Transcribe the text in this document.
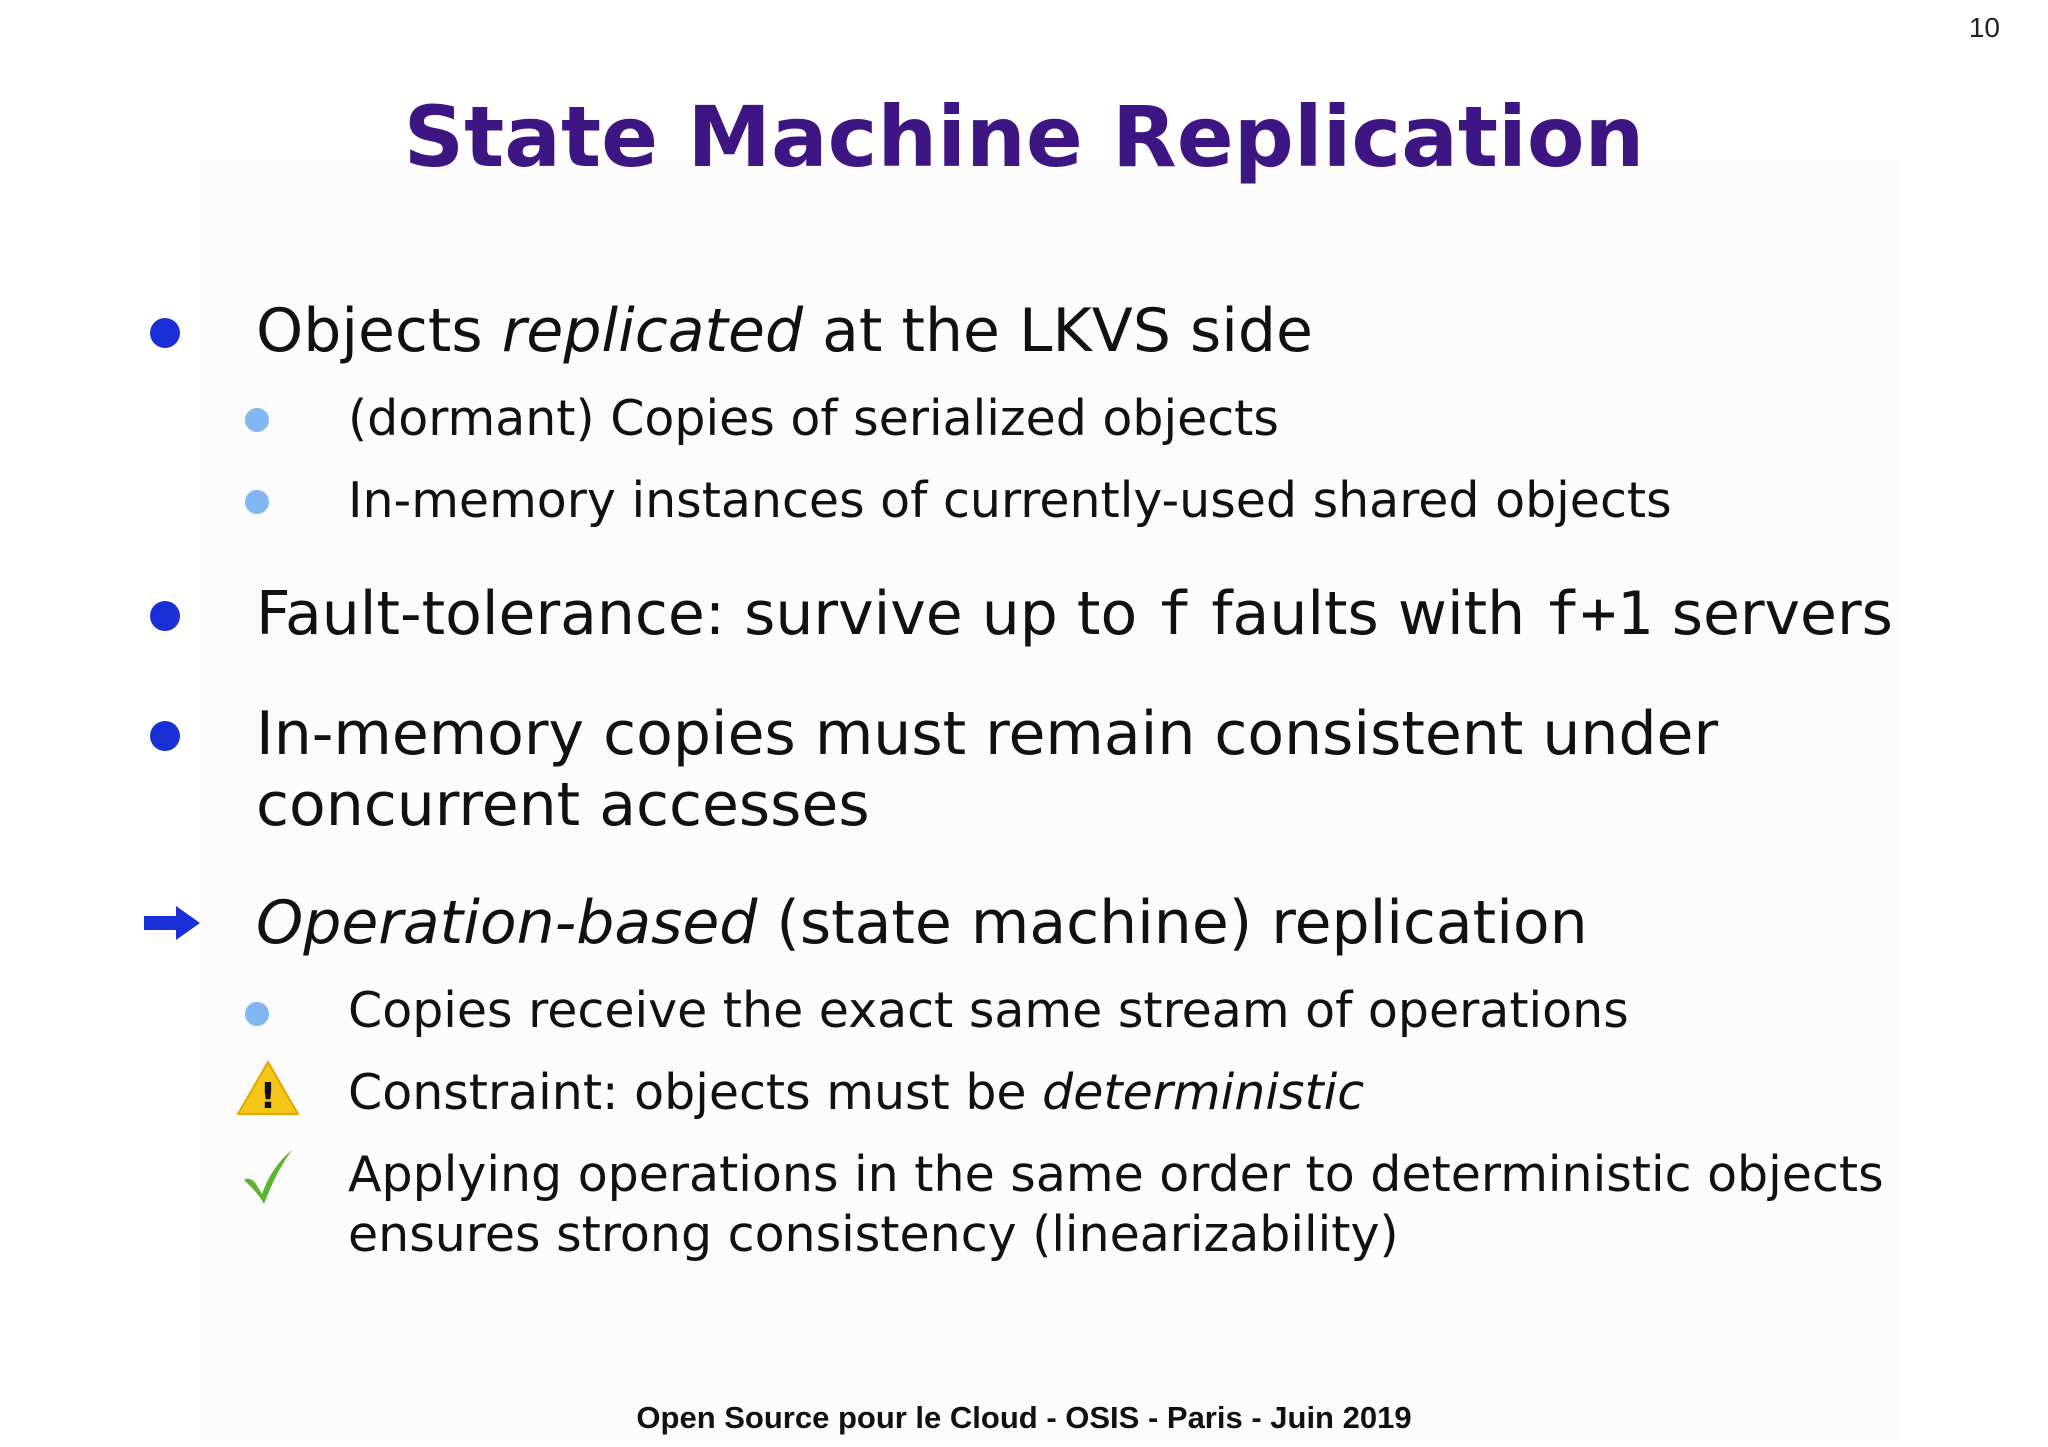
10
State Machine Replication
Objects replicated at the LKVS side
(dormant) Copies of serialized objects
In-memory instances of currently-used shared objects
Fault-tolerance: survive up to f faults with f+1 servers
In-memory copies must remain consistent under
concurrent accesses
Operation-based (state machine) replication
Copies receive the exact same stream of operations
! Constraint: objects must be deterministic
Applying operations in the same order to deterministic objects
ensures strong consistency (linearizability)
Open Source pour le Cloud - OSIS - Paris - Juin 2019
